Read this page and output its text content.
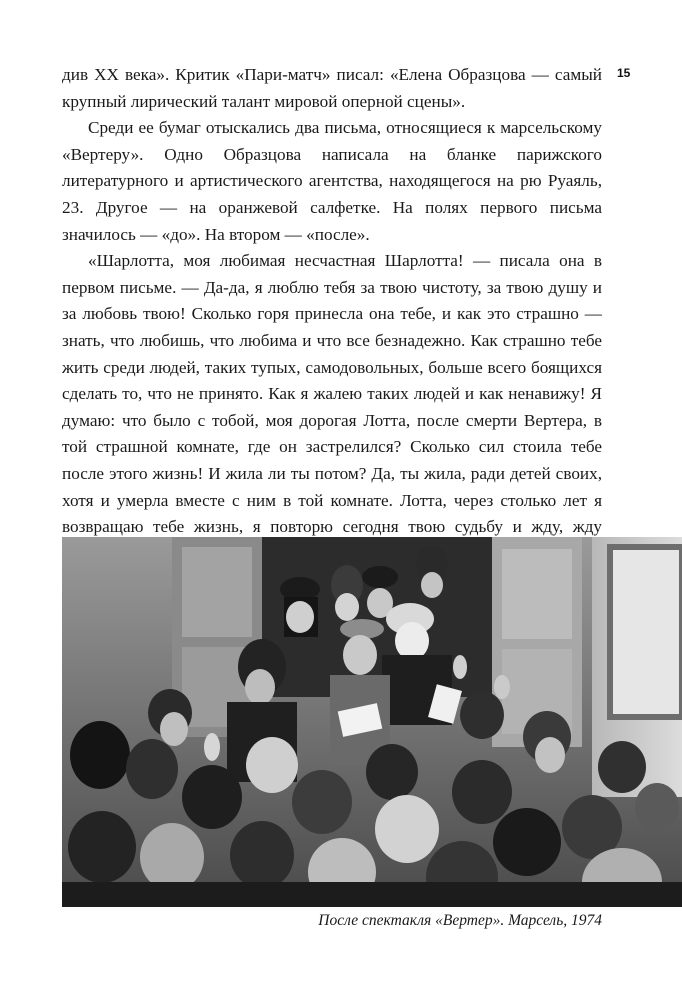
15

див XX века». Критик «Пари-матч» писал: «Елена Образцова — самый крупный лирический талант мировой оперной сцены».

Среди ее бумаг отыскались два письма, относящиеся к марсельскому «Вертеру». Одно Образцова написала на бланке парижского литературного и артистического агентства, находящегося на рю Руаяль, 23. Другое — на оранжевой салфетке. На полях первого письма значилось — «до». На втором — «после».

«Шарлотта, моя любимая несчастная Шарлотта! — писала она в первом письме. — Да-да, я люблю тебя за твою чистоту, за твою душу и за любовь твою! Сколько горя принесла она тебе, и как это страшно — знать, что любишь, что любима и что все безнадежно. Как страшно тебе жить среди людей, таких тупых, самодовольных, больше всего боящихся сделать то, что не принято. Как я жалею таких людей и как ненавижу! Я думаю: что было с тобой, моя дорогая Лотта, после смерти Вертера, в той страшной комнате, где он застрелился? Сколько сил стоила тебе после этого жизнь! И жила ли ты потом? Да, ты жила, ради детей своих, хотя и умерла вместе с ним в той комнате. Лотта, через столько лет я возвращаю тебе жизнь, я повторю сегодня твою судьбу и жду, жду

После спектакля «Вертер». Марсель, 1974
